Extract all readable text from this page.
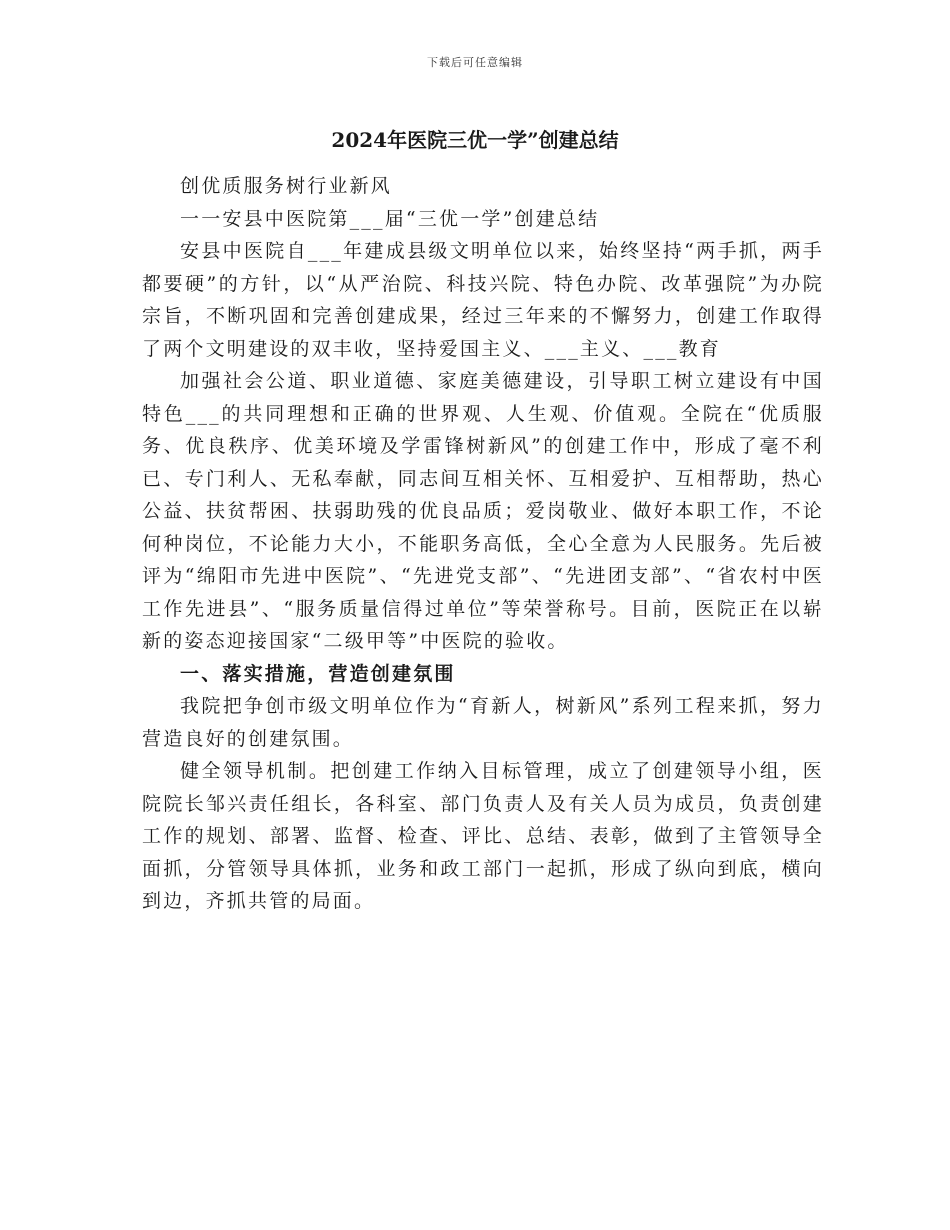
下载后可任意编辑
2024年医院三优一学”创建总结

创优质服务树行业新风

一一安县中医院第___届“三优一学”创建总结

安县中医院自___年建成县级文明单位以来，始终坚持“两手抓，两手都要硬”的方针，以“从严治院、科技兴院、特色办院、改革强院”为办院宗旨，不断巩固和完善创建成果，经过三年来的不懈努力，创建工作取得了两个文明建设的双丰收，坚持爱国主义、___主义、___教育

加强社会公道、职业道德、家庭美德建设，引导职工树立建设有中国特色___的共同理想和正确的世界观、人生观、价值观。全院在“优质服务、优良秩序、优美环境及学雷锋树新风”的创建工作中，形成了毫不利已、专门利人、无私奉献，同志间互相关怀、互相爱护、互相帮助，热心公益、扶贫帮困、扶弱助残的优良品质；爱岗敬业、做好本职工作，不论何种岗位，不论能力大小，不能职务高低，全心全意为人民服务。先后被评为“绵阳市先进中医院”、“先进党支部”、“先进团支部”、“省农村中医工作先进县”、“服务质量信得过单位”等荣誉称号。目前，医院正在以崭新的姿态迎接国家“二级甲等”中医院的验收。

一、落实措施，营造创建氛围

我院把争创市级文明单位作为“育新人，树新风”系列工程来抓，努力营造良好的创建氛围。

健全领导机制。把创建工作纳入目标管理，成立了创建领导小组，医院院长邹兴责任组长，各科室、部门负责人及有关人员为成员，负责创建工作的规划、部署、监督、检查、评比、总结、表彰，做到了主管领导全面抓，分管领导具体抓，业务和政工部门一起抓，形成了纵向到底，横向到边，齐抓共管的局面。
